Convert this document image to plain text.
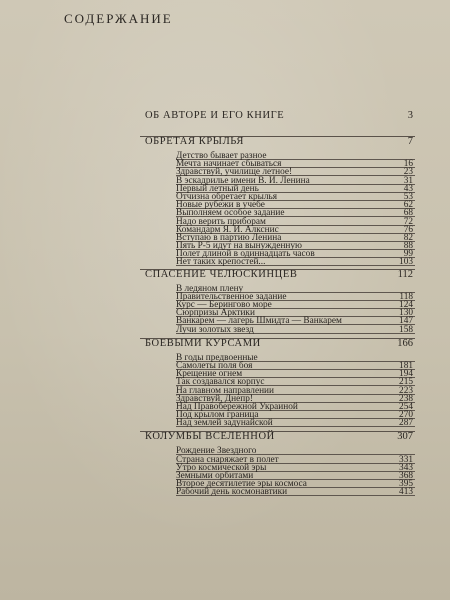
СОДЕРЖАНИЕ
ОБ АВТОРЕ И ЕГО КНИГЕ	3
ОБРЕТАЯ КРЫЛЬЯ	7
Детство бывает разное
Мечта начинает сбываться	16
Здравствуй, училище летное!	23
В эскадрилье имени В. И. Ленина	31
Первый летный день	43
Отчизна обретает крылья	53
Новые рубежи в учебе	62
Выполняем особое задание	68
Надо верить приборам	72
Командарм Я. И. Алкснис	76
Вступаю в партию Ленина	82
Пять Р-5 идут на вынужденную	88
Полет длиной в одиннадцать часов	99
Нет таких крепостей...	103
СПАСЕНИЕ ЧЕЛЮСКИНЦЕВ	112
В ледяном плену
Правительственное задание	118
Курс — Берингово море	124
Сюрпризы Арктики	130
Ванкарем — лагерь Шмидта — Ванкарем	147
Лучи золотых звезд	158
БОЕВЫМИ КУРСАМИ	166
В годы предвоенные
Самолеты поля боя	181
Крещение огнем	194
Так создавался корпус	215
На главном направлении	223
Здравствуй, Днепр!	238
Над Правобережной Украиной	254
Под крылом граница	270
Над землей задунайской	287
КОЛУМБЫ ВСЕЛЕННОЙ	307
Рождение Звездного
Страна снаряжает в полет	331
Утро космической эры	343
Земными орбитами	368
Второе десятилетие эры космоса	395
Рабочий день космонавтики	413
